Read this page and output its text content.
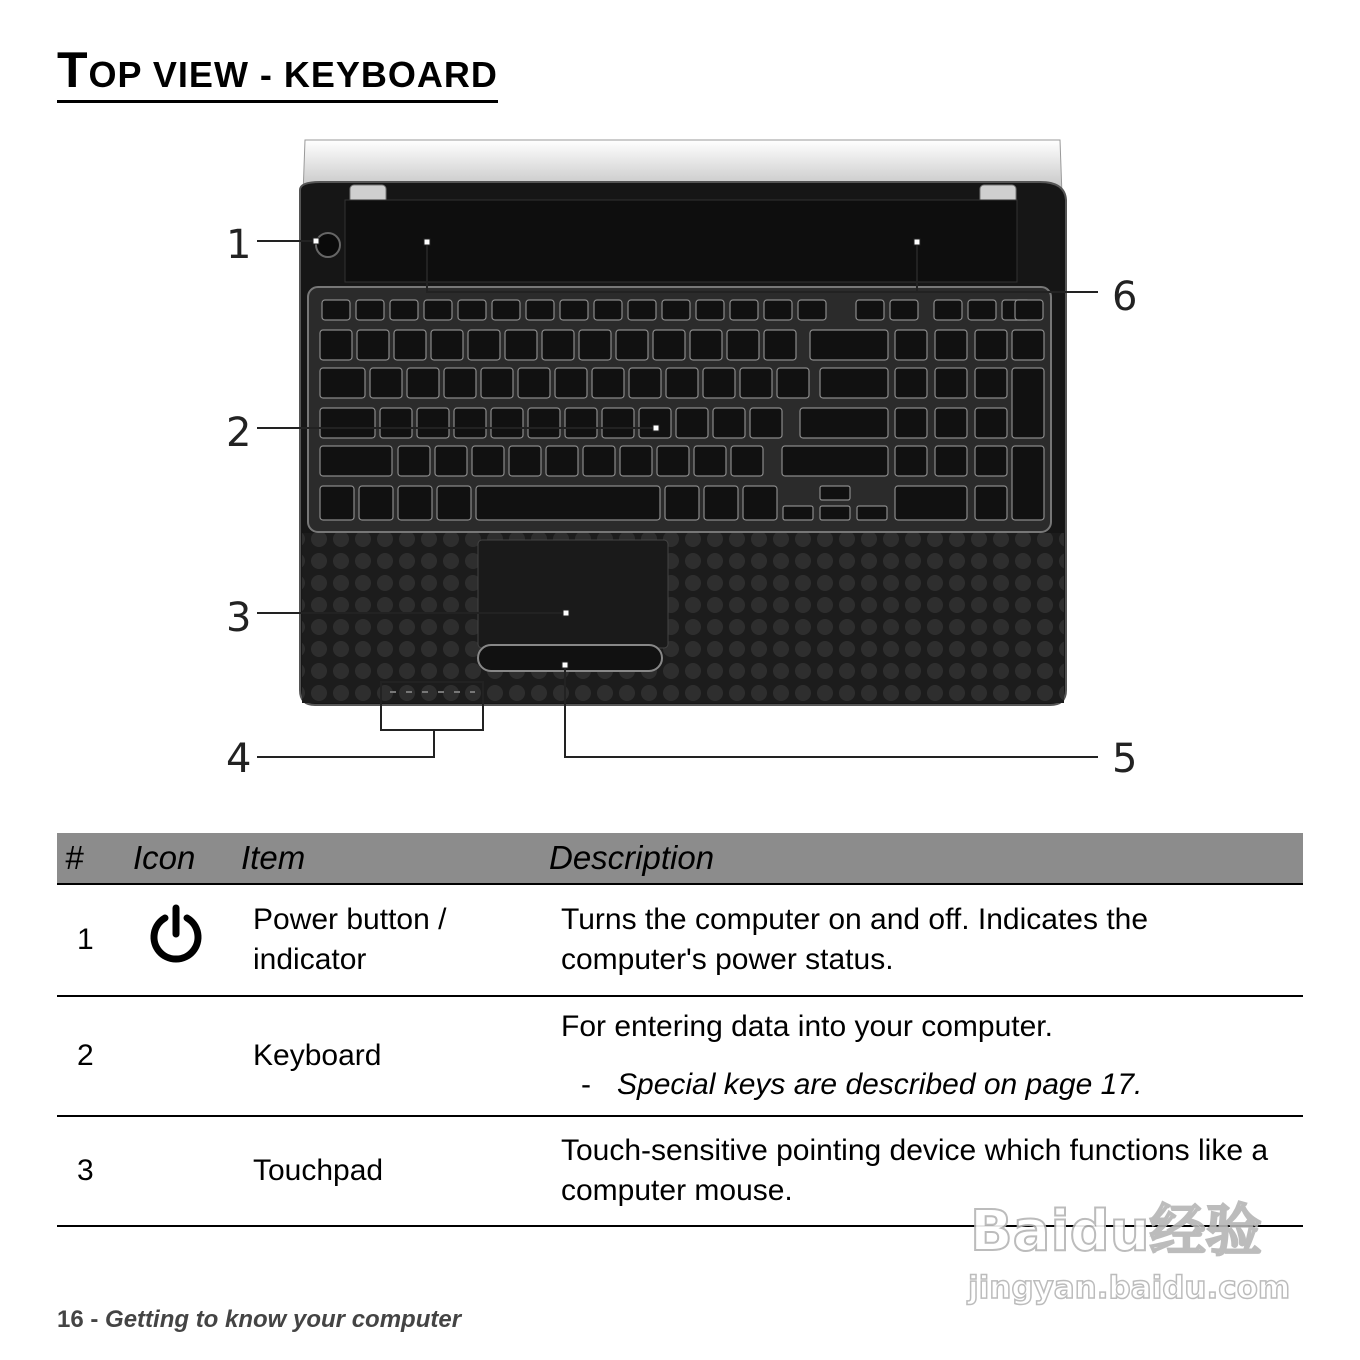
TOP VIEW - KEYBOARD
1
2
3
4	5
6
#	Icon	Item	Description
1		Power button / indicator	Turns the computer on and off. Indicates the computer's power status.
2		Keyboard	For entering data into your computer.
- Special keys are described on page 17.

3		Touchpad	Touch-sensitive pointing device which functions like a computer mouse.
16 - Getting to know your computer
Baidu经验
jingyan.baidu.com
